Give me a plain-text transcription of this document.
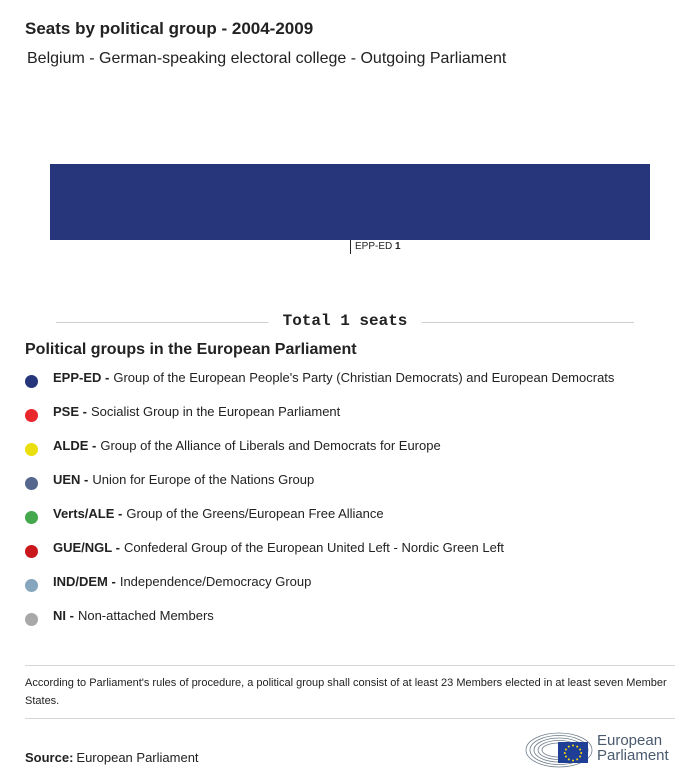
Seats by political group - 2004-2009
Belgium - German-speaking electoral college - Outgoing Parliament
EPP-ED 1
Total 1 seats
Political groups in the European Parliament
EPP-ED - Group of the European People's Party (Christian Democrats) and European Democrats
PSE - Socialist Group in the European Parliament
ALDE - Group of the Alliance of Liberals and Democrats for Europe
UEN - Union for Europe of the Nations Group
Verts/ALE - Group of the Greens/European Free Alliance
GUE/NGL - Confederal Group of the European United Left - Nordic Green Left
IND/DEM - Independence/Democracy Group
NI - Non-attached Members
According to Parliament's rules of procedure, a political group shall consist of at least 23 Members elected in at least seven Member States.
Source: European Parliament
European
Parliament
